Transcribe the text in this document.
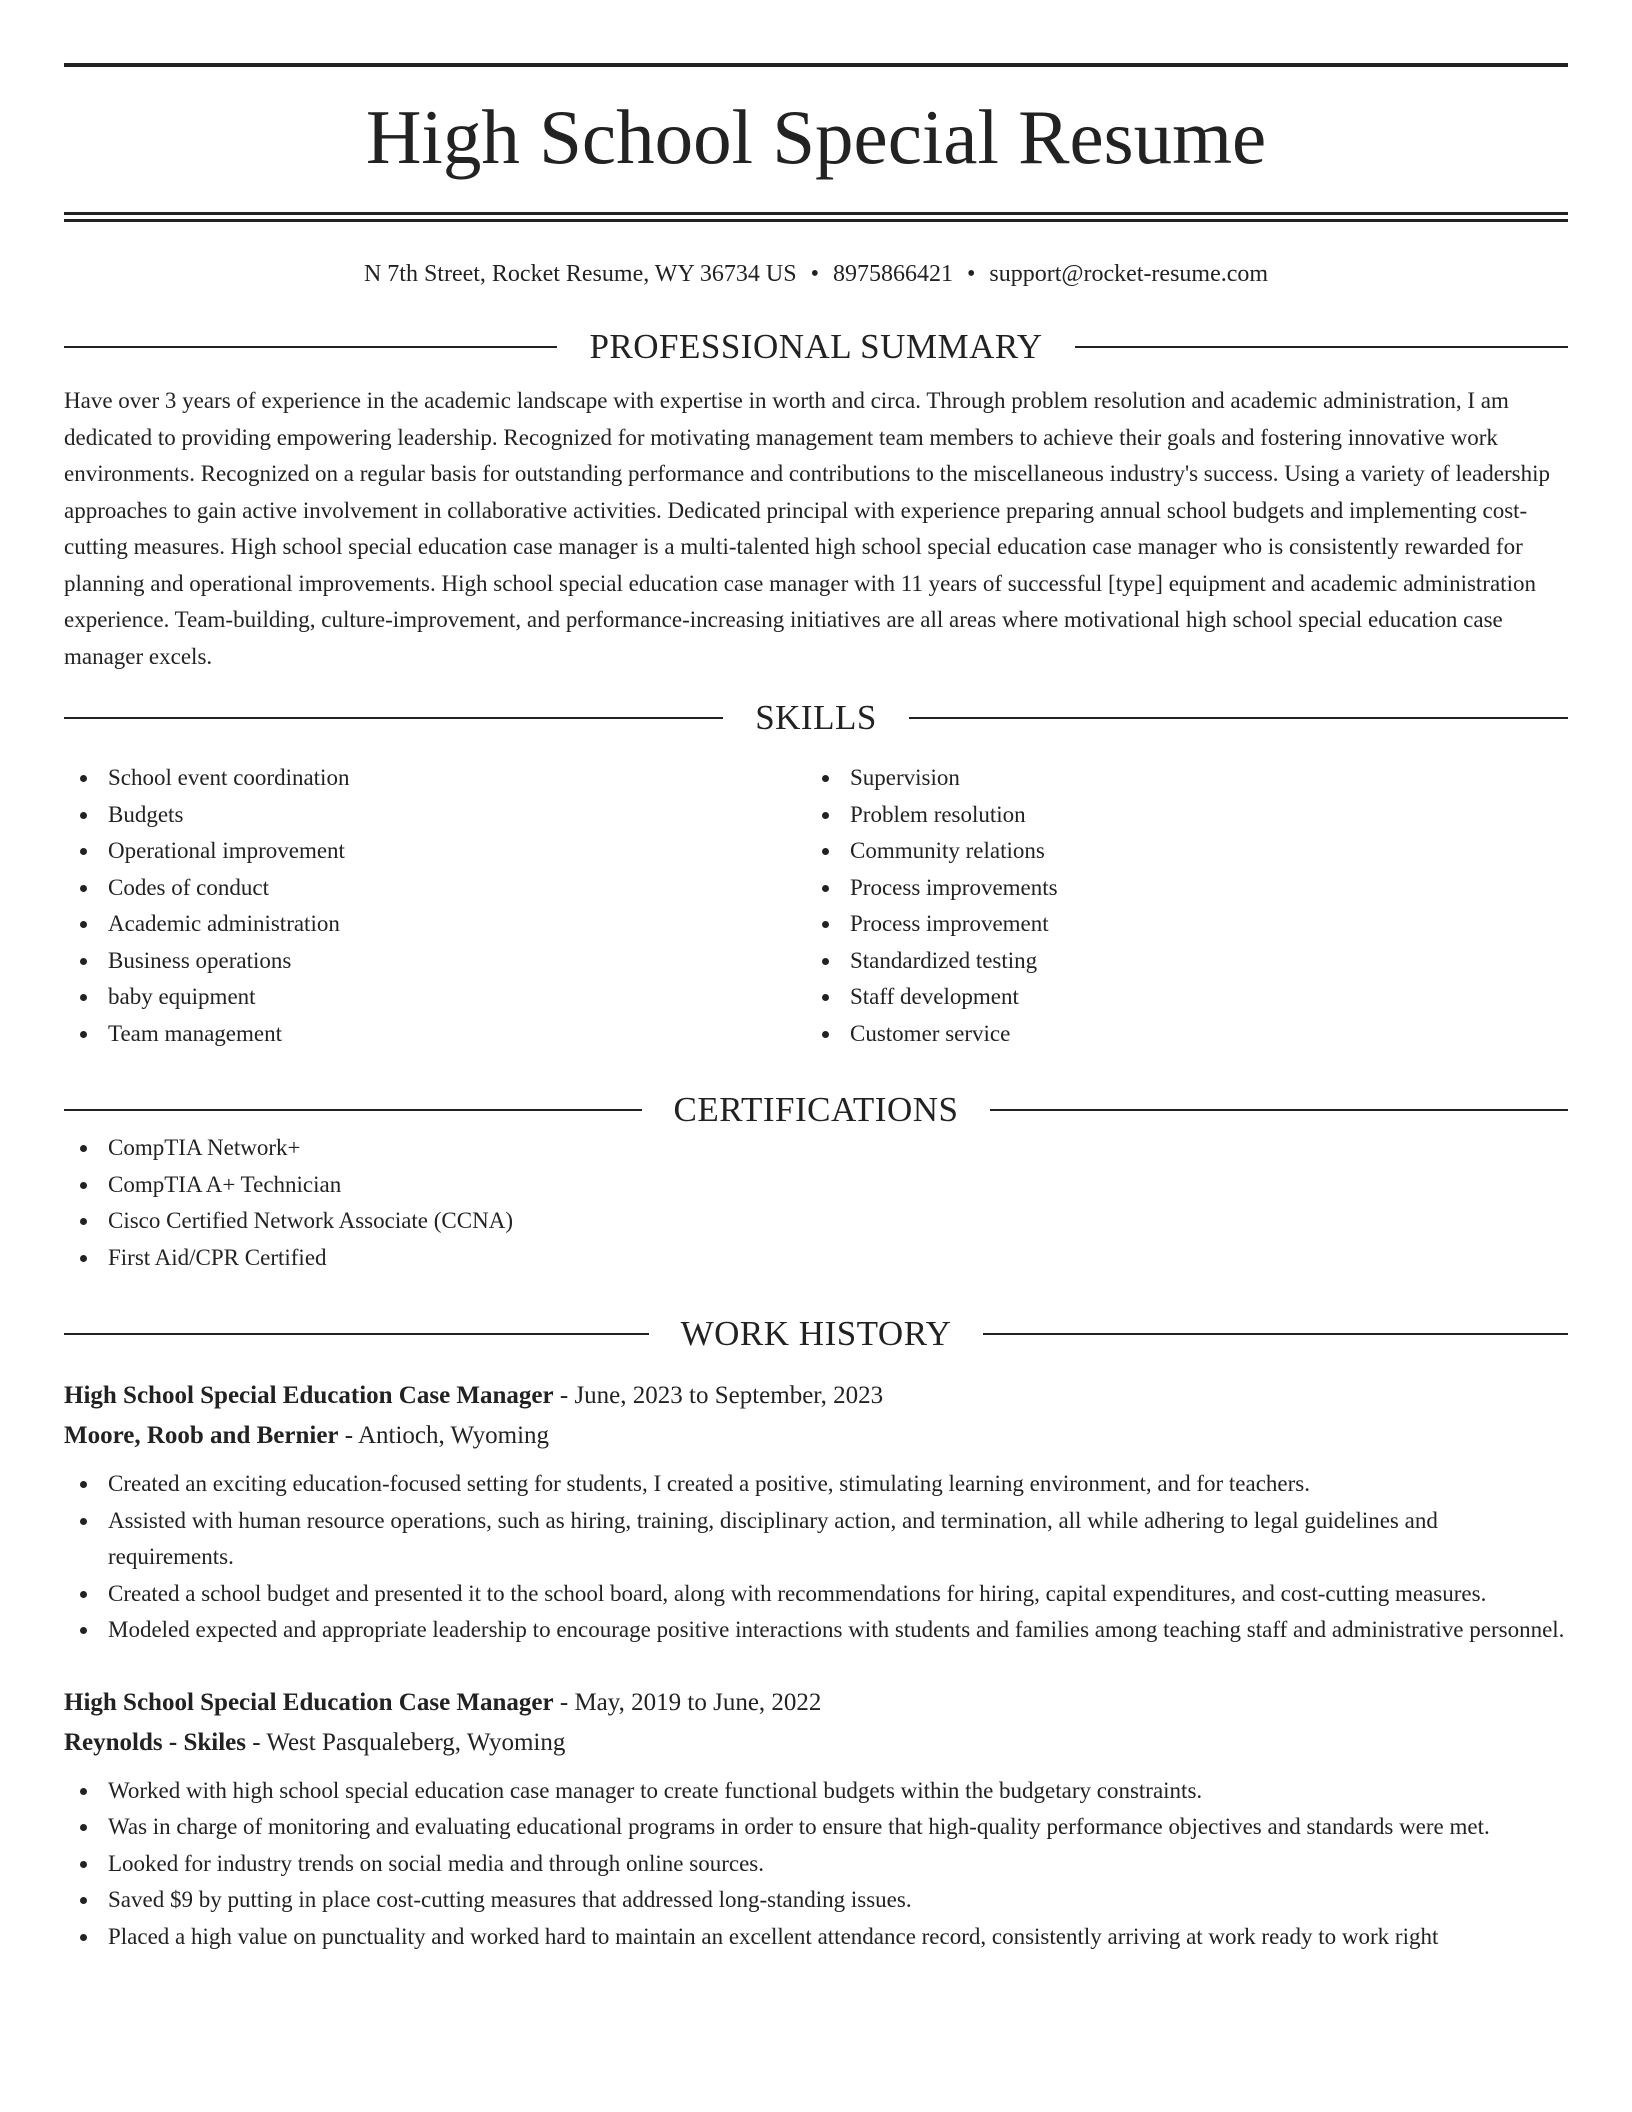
High School Special Resume
N 7th Street, Rocket Resume, WY 36734 US • 8975866421 • support@rocket-resume.com
PROFESSIONAL SUMMARY

Have over 3 years of experience in the academic landscape with expertise in worth and circa. Through problem resolution and academic administration, I am dedicated to providing empowering leadership. Recognized for motivating management team members to achieve their goals and fostering innovative work environments. Recognized on a regular basis for outstanding performance and contributions to the miscellaneous industry's success. Using a variety of leadership approaches to gain active involvement in collaborative activities. Dedicated principal with experience preparing annual school budgets and implementing cost-cutting measures. High school special education case manager is a multi-talented high school special education case manager who is consistently rewarded for planning and operational improvements. High school special education case manager with 11 years of successful [type] equipment and academic administration experience. Team-building, culture-improvement, and performance-increasing initiatives are all areas where motivational high school special education case manager excels.

SKILLS
School event coordination
Budgets
Operational improvement
Codes of conduct
Academic administration
Business operations
baby equipment
Team management
Supervision
Problem resolution
Community relations
Process improvements
Process improvement
Standardized testing
Staff development
Customer service
CERTIFICATIONS
CompTIA Network+
CompTIA A+ Technician
Cisco Certified Network Associate (CCNA)
First Aid/CPR Certified
WORK HISTORY
High School Special Education Case Manager - June, 2023 to September, 2023
Moore, Roob and Bernier - Antioch, Wyoming
Created an exciting education-focused setting for students, I created a positive, stimulating learning environment, and for teachers.
Assisted with human resource operations, such as hiring, training, disciplinary action, and termination, all while adhering to legal guidelines and requirements.
Created a school budget and presented it to the school board, along with recommendations for hiring, capital expenditures, and cost-cutting measures.
Modeled expected and appropriate leadership to encourage positive interactions with students and families among teaching staff and administrative personnel.
High School Special Education Case Manager - May, 2019 to June, 2022
Reynolds - Skiles - West Pasqualeberg, Wyoming
Worked with high school special education case manager to create functional budgets within the budgetary constraints.
Was in charge of monitoring and evaluating educational programs in order to ensure that high-quality performance objectives and standards were met.
Looked for industry trends on social media and through online sources.
Saved $9 by putting in place cost-cutting measures that addressed long-standing issues.
Placed a high value on punctuality and worked hard to maintain an excellent attendance record, consistently arriving at work ready to work right
